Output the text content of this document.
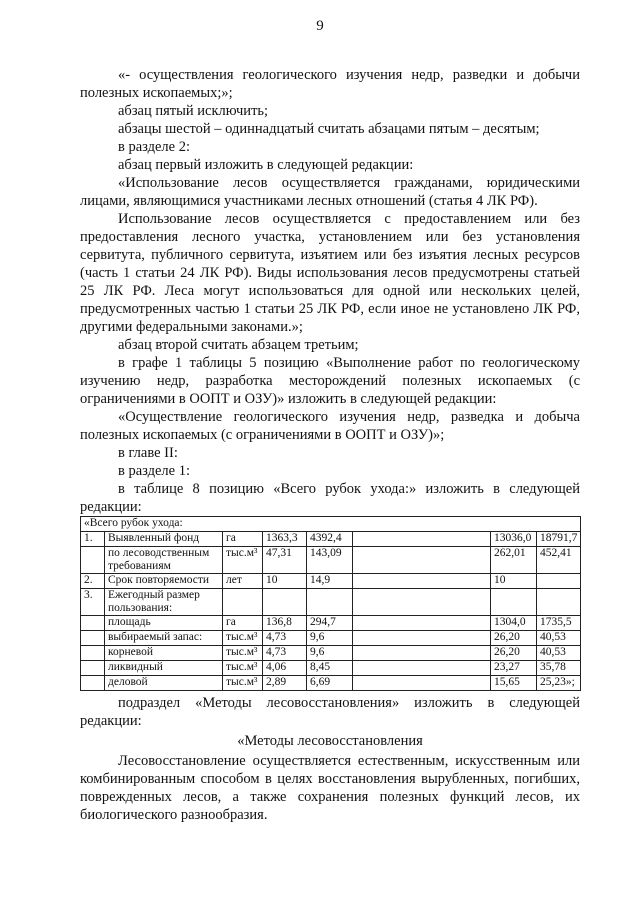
9

«- осуществления геологического изучения недр, разведки и добычи полезных ископаемых;»;

абзац пятый исключить;

абзацы шестой – одиннадцатый считать абзацами пятым – десятым;

в разделе 2:

абзац первый изложить в следующей редакции:

«Использование лесов осуществляется гражданами, юридическими лицами, являющимися участниками лесных отношений (статья 4 ЛК РФ).

Использование лесов осуществляется с предоставлением или без предоставления лесного участка, установлением или без установления сервитута, публичного сервитута, изъятием или без изъятия лесных ресурсов (часть 1 статьи 24 ЛК РФ). Виды использования лесов предусмотрены статьей 25 ЛК РФ. Леса могут использоваться для одной или нескольких целей, предусмотренных частью 1 статьи 25 ЛК РФ, если иное не установлено ЛК РФ, другими федеральными законами.»;

абзац второй считать абзацем третьим;

в графе 1 таблицы 5 позицию «Выполнение работ по геологическому изучению недр, разработка месторождений полезных ископаемых (с ограничениями в ООПТ и ОЗУ)» изложить в следующей редакции:

«Осуществление геологического изучения недр, разведка и добыча полезных ископаемых (с ограничениями в ООПТ и ОЗУ)»;

в главе II:

в разделе 1:

в таблице 8 позицию «Всего рубок ухода:» изложить в следующей редакции:

«Всего рубок ухода:							
1.	Выявленный фонд	га	1363,3	4392,4		13036,0	18791,7
	по лесоводственным требованиям	тыс.м³	47,31	143,09		262,01	452,41
2.	Срок повторяемости	лет	10	14,9		10	
3.	Ежегодный размер пользования:						
	площадь	га	136,8	294,7		1304,0	1735,5
	выбираемый запас:	тыс.м³	4,73	9,6		26,20	40,53
	корневой	тыс.м³	4,73	9,6		26,20	40,53
	ликвидный	тыс.м³	4,06	8,45		23,27	35,78
	деловой	тыс.м³	2,89	6,69		15,65	25,23»;

подраздел «Методы лесовосстановления» изложить в следующей редакции:

«Методы лесовосстановления

Лесовосстановление осуществляется естественным, искусственным или комбинированным способом в целях восстановления вырубленных, погибших, поврежденных лесов, а также сохранения полезных функций лесов, их биологического разнообразия.
